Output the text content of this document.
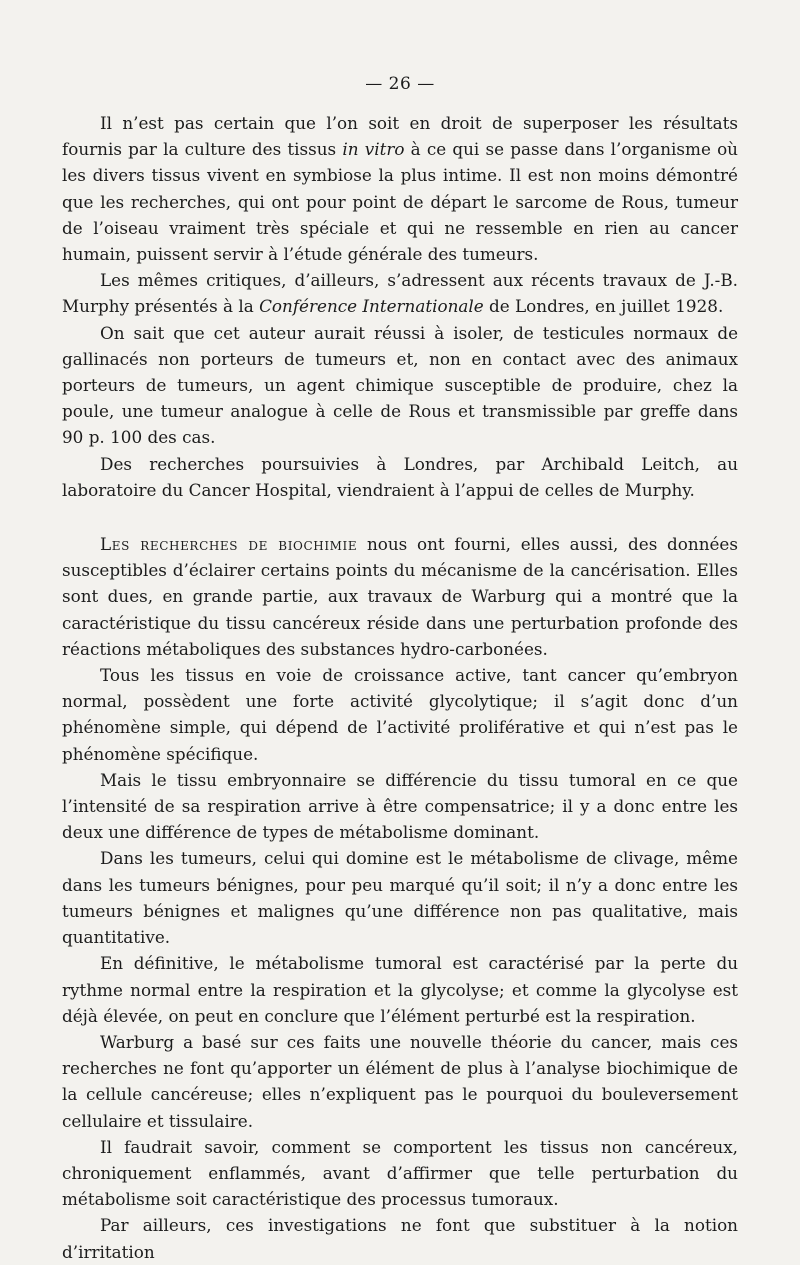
— 26 —

Il n’est pas certain que l’on soit en droit de superposer les résultats fournis par la culture des tissus in vitro à ce qui se passe dans l’organisme où les divers tissus vivent en symbiose la plus intime. Il est non moins démontré que les recherches, qui ont pour point de départ le sarcome de Rous, tumeur de l’oiseau vraiment très spéciale et qui ne ressemble en rien au cancer humain, puissent servir à l’étude générale des tumeurs.

Les mêmes critiques, d’ailleurs, s’adressent aux récents travaux de J.-B. Murphy présentés à la Conférence Internationale de Londres, en juillet 1928.

On sait que cet auteur aurait réussi à isoler, de testicules normaux de gallinacés non porteurs de tumeurs et, non en contact avec des animaux porteurs de tumeurs, un agent chimique susceptible de produire, chez la poule, une tumeur analogue à celle de Rous et transmissible par greffe dans 90 p. 100 des cas.

Des recherches poursuivies à Londres, par Archibald Leitch, au laboratoire du Cancer Hospital, viendraient à l’appui de celles de Murphy.

Les recherches de biochimie nous ont fourni, elles aussi, des données susceptibles d’éclairer certains points du mécanisme de la cancérisation. Elles sont dues, en grande partie, aux travaux de Warburg qui a montré que la caractéristique du tissu cancéreux réside dans une perturbation profonde des réactions métaboliques des substances hydro-carbonées.

Tous les tissus en voie de croissance active, tant cancer qu’embryon normal, possèdent une forte activité glycolytique; il s’agit donc d’un phénomène simple, qui dépend de l’activité proliférative et qui n’est pas le phénomène spécifique.

Mais le tissu embryonnaire se différencie du tissu tumoral en ce que l’intensité de sa respiration arrive à être compensatrice; il y a donc entre les deux une différence de types de métabolisme dominant.

Dans les tumeurs, celui qui domine est le métabolisme de clivage, même dans les tumeurs bénignes, pour peu marqué qu’il soit; il n’y a donc entre les tumeurs bénignes et malignes qu’une différence non pas qualitative, mais quantitative.

En définitive, le métabolisme tumoral est caractérisé par la perte du rythme normal entre la respiration et la glycolyse; et comme la glycolyse est déjà élevée, on peut en conclure que l’élément perturbé est la respiration.

Warburg a basé sur ces faits une nouvelle théorie du cancer, mais ces recherches ne font qu’apporter un élément de plus à l’analyse biochimique de la cellule cancéreuse; elles n’expliquent pas le pourquoi du bouleversement cellulaire et tissulaire.

Il faudrait savoir, comment se comportent les tissus non cancéreux, chroniquement enflammés, avant d’affirmer que telle perturbation du métabolisme soit caractéristique des processus tumoraux.

Par ailleurs, ces investigations ne font que substituer à la notion d’irritation
